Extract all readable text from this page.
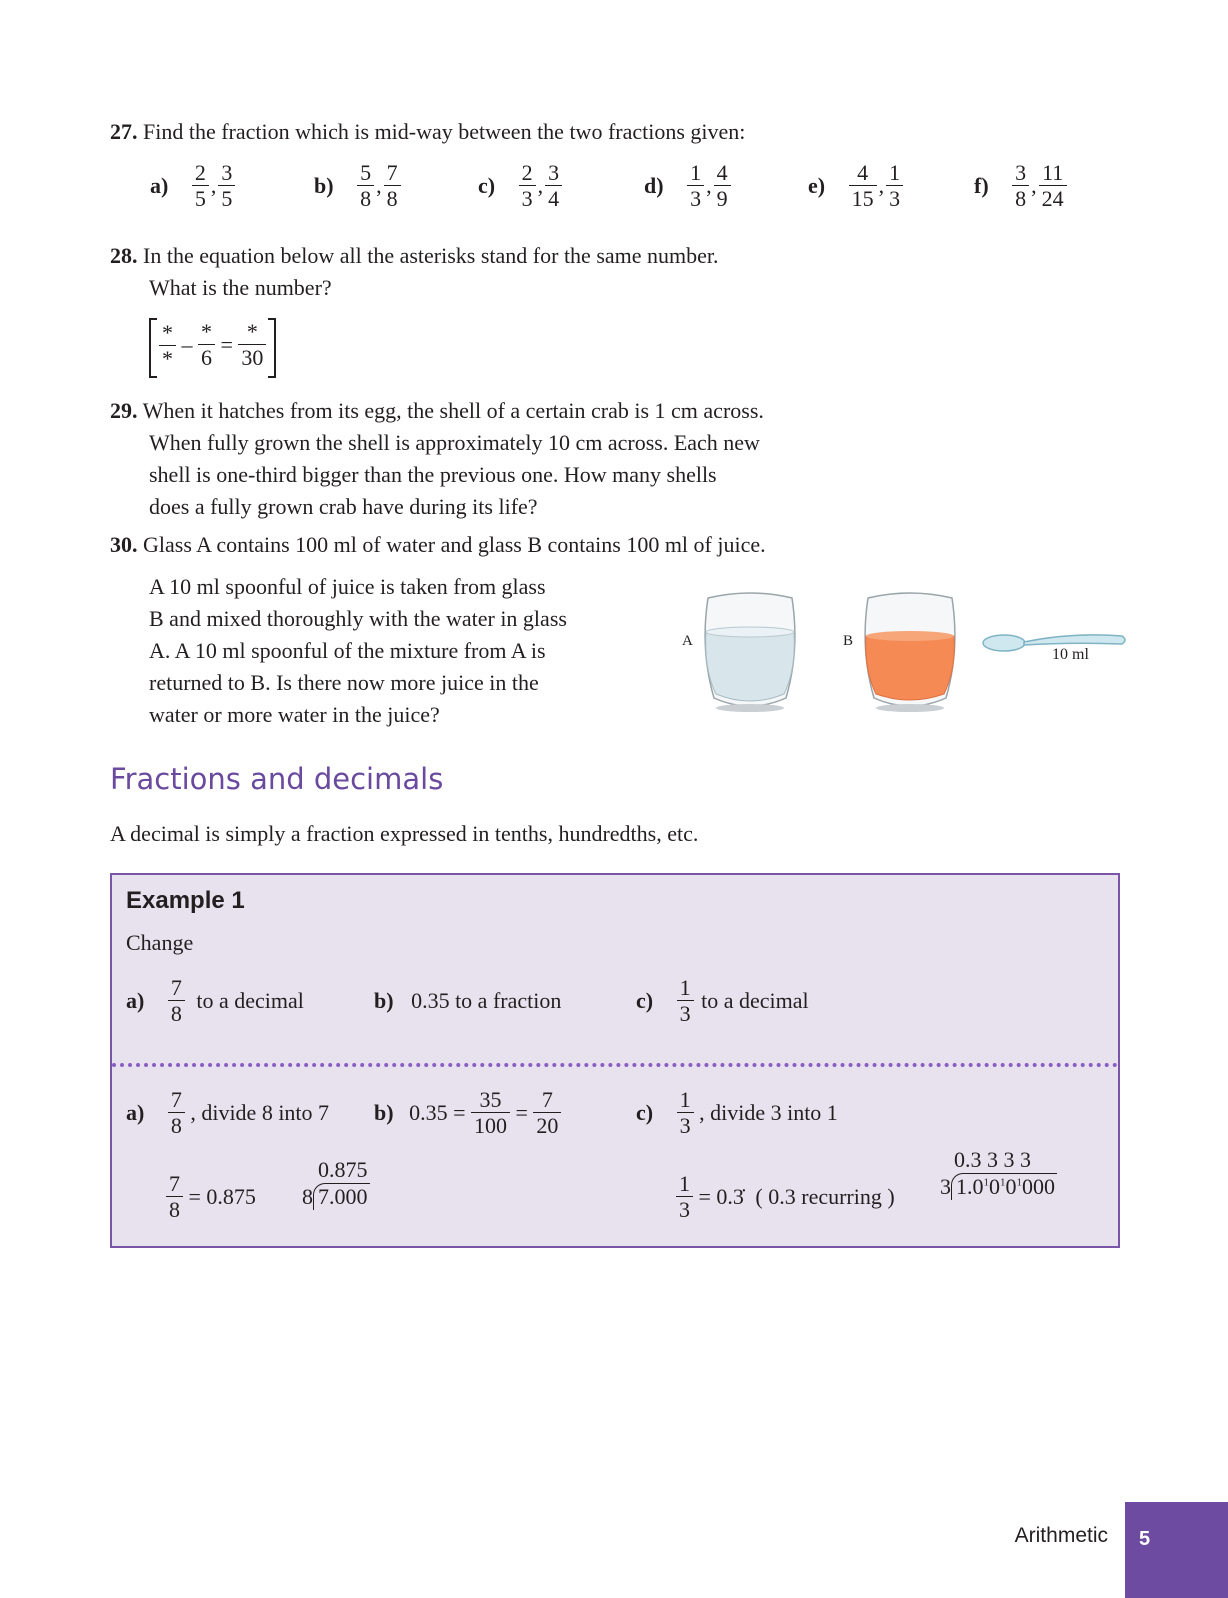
27. Find the fraction which is mid-way between the two fractions given:
$a) \frac{2}{5}$ , $\frac{3}{5}$	$b) \frac{5}{8}$ , $\frac{7}{8}$	$c) \frac{2}{3}$ , $\frac{3}{4}$	$d) \frac{1}{3}$ , $\frac{4}{9}$	$e) \frac{4}{15}$ , $\frac{1}{3}$	$f) \frac{3}{8}$ , $\frac{11}{24}$
28. In the equation below all the asterisks stand for the same number.
What is the number?
$\frac{*}{*} - \frac{*}{6} = \frac{*}{30}$
29. When it hatches from its egg, the shell of a certain crab is 1 cm across.
When fully grown the shell is approximately 10 cm across. Each new
shell is one-third bigger than the previous one. How many shells
does a fully grown crab have during its life?
30. Glass A contains 100 ml of water and glass B contains 100 ml of juice.
A 10 ml spoonful of juice is taken from glass
B and mixed thoroughly with the water in glass
A. A 10 ml spoonful of the mixture from A is
returned to B. Is there now more juice in the
water or more water in the juice?
A	B
10 ml
Fractions and decimals
A decimal is simply a fraction expressed in tenths, hundredths, etc.
Example 1
Change
$a) \frac{7}{8}$ to a decimal	b) 0.35 to a fraction	$c) \frac{1}{3}$ to a decimal
$a) \frac{7}{8}$ , divide 8 into 7 b) $0.35 = \frac{35}{100} = \frac{7}{20}$	$c) \frac{1}{3}$ , divide 3 into 1
$\frac{7}{8} = 0.875$
0.875
8 7.000	$\frac{1}{3}$ = 0.3̇ ( 0.3 recurring )
0.3 3 3 3
3 $1.0^10^10^1000$
Arithmetic	5
